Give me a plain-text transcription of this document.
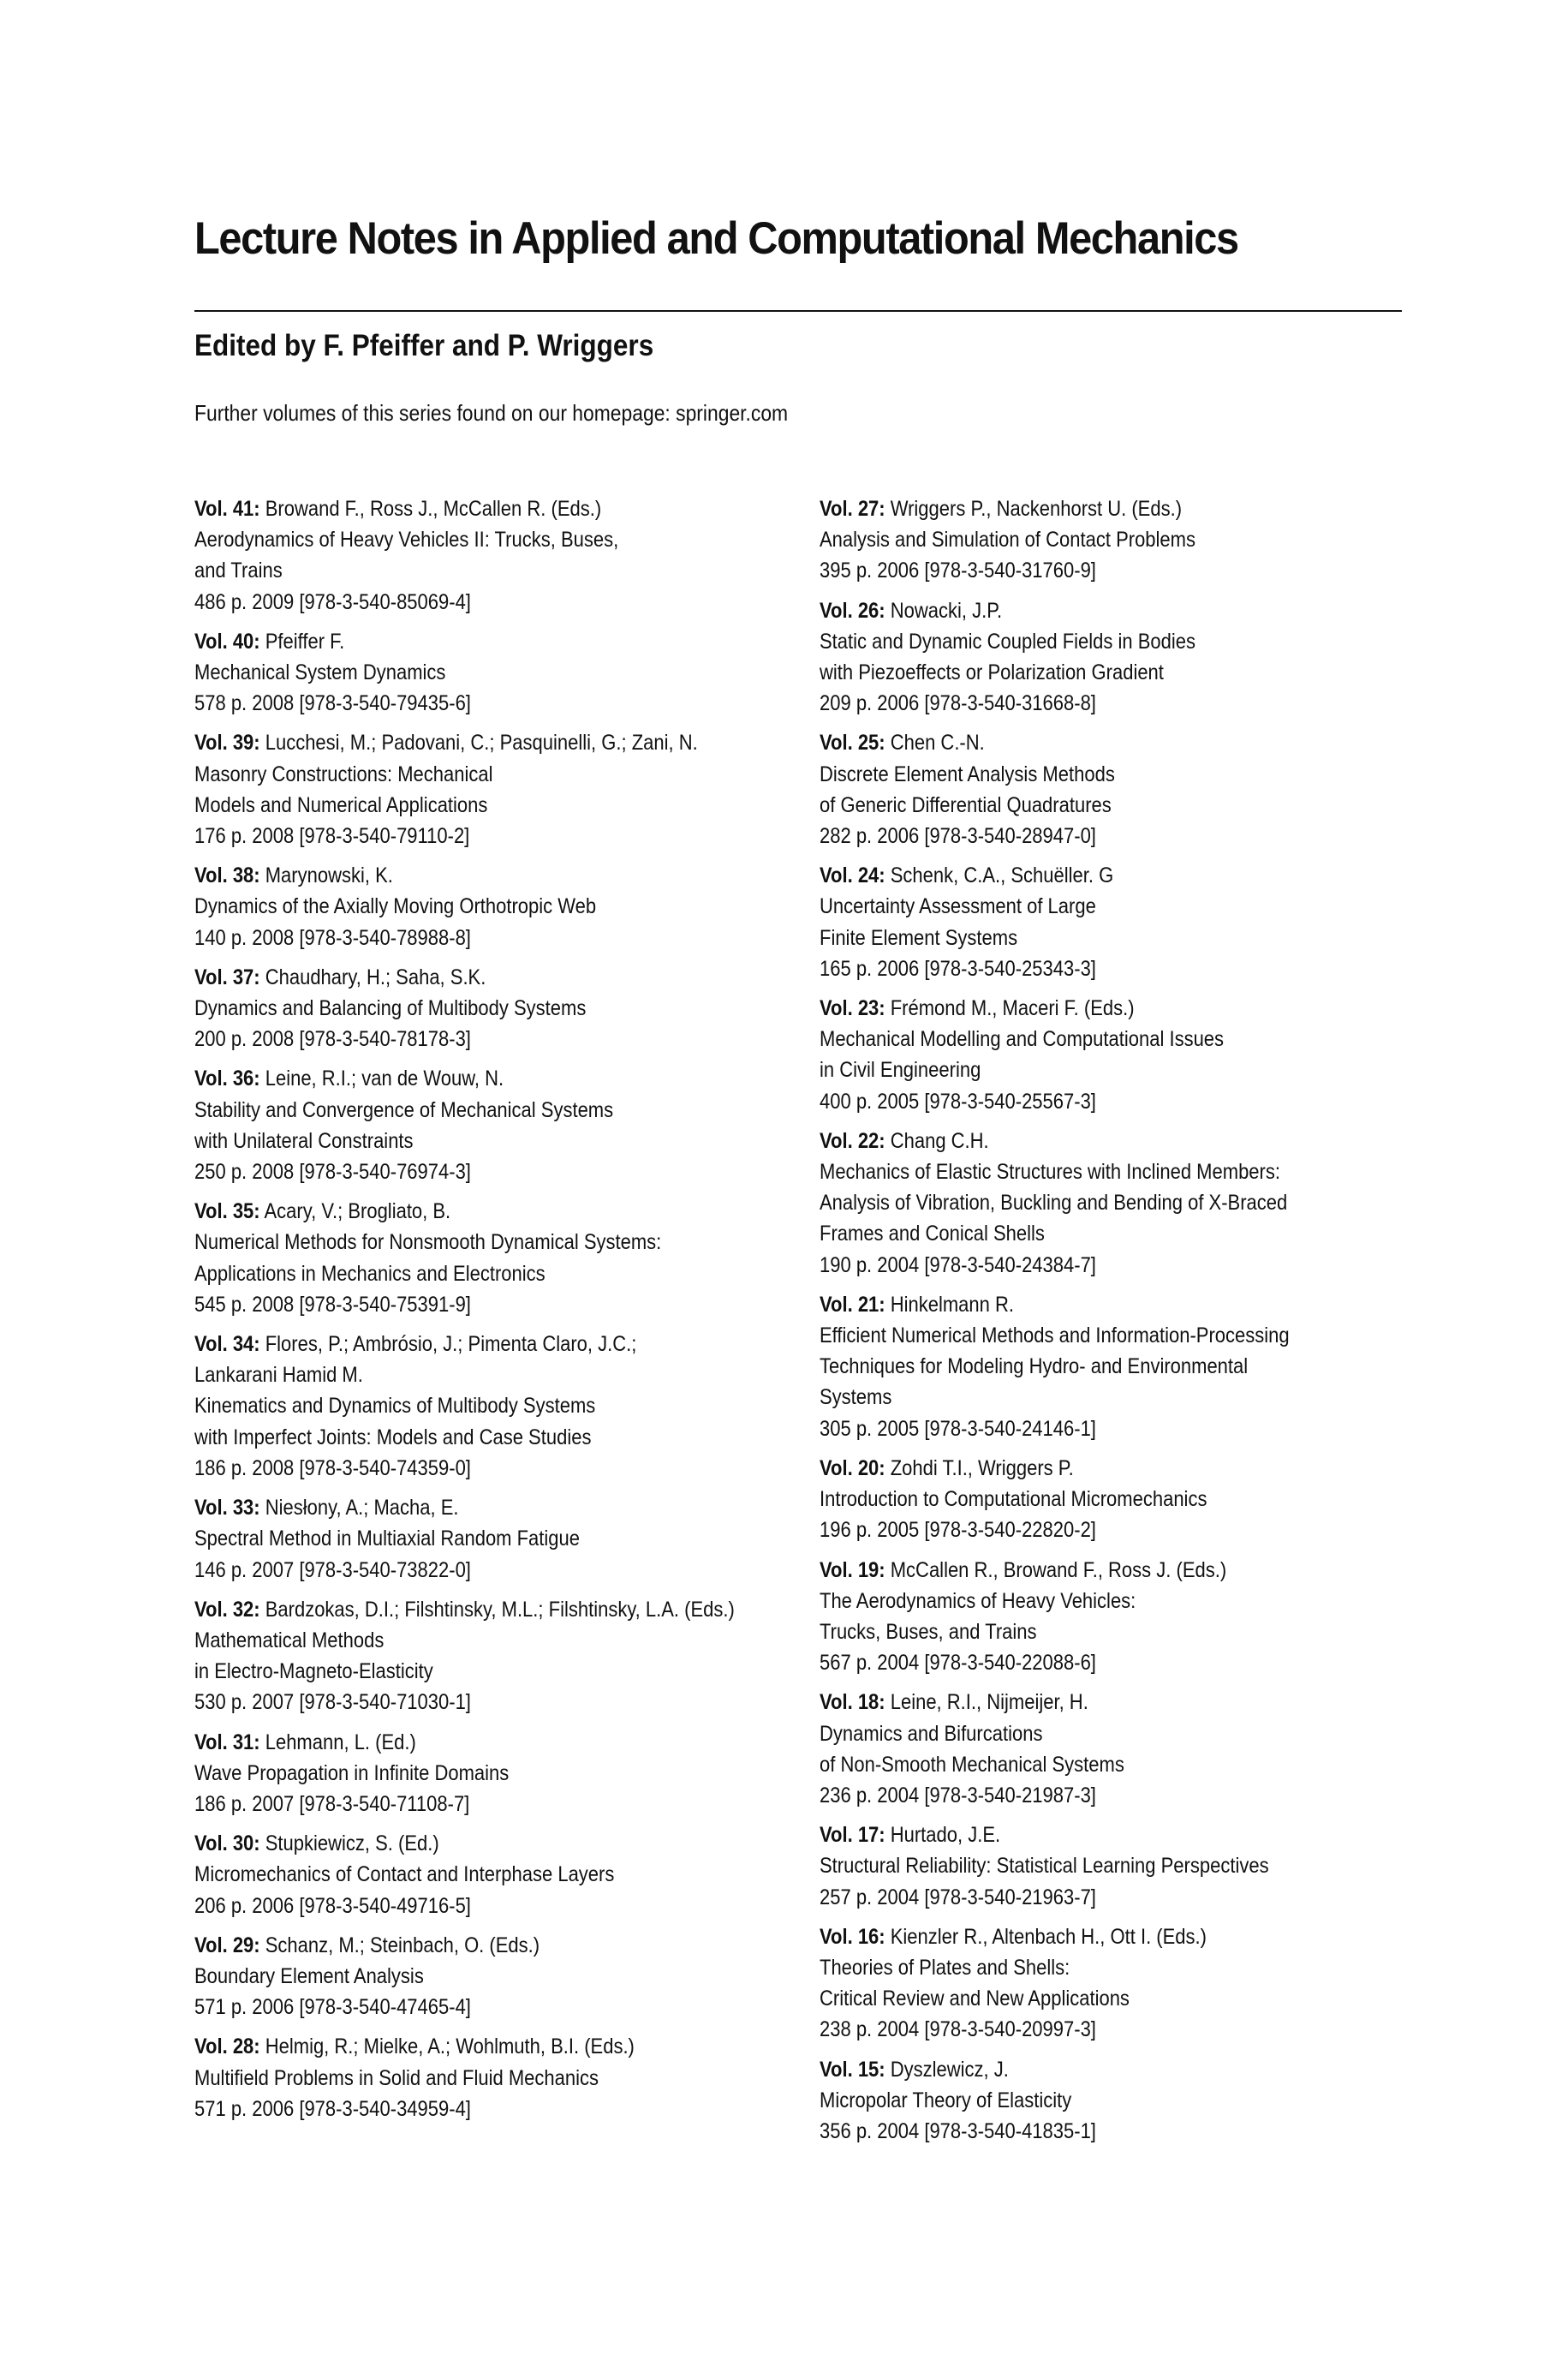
Lecture Notes in Applied and Computational Mechanics
Edited by F. Pfeiffer and P. Wriggers

Further volumes of this series found on our homepage: springer.com

Vol. 41: Browand F., Ross J., McCallen R. (Eds.)
Aerodynamics of Heavy Vehicles II: Trucks, Buses,
and Trains
486 p. 2009 [978-3-540-85069-4]

Vol. 40: Pfeiffer F.
Mechanical System Dynamics
578 p. 2008 [978-3-540-79435-6]

Vol. 39: Lucchesi, M.; Padovani, C.; Pasquinelli, G.; Zani, N.
Masonry Constructions: Mechanical
Models and Numerical Applications
176 p. 2008 [978-3-540-79110-2]

Vol. 38: Marynowski, K.
Dynamics of the Axially Moving Orthotropic Web
140 p. 2008 [978-3-540-78988-8]

Vol. 37: Chaudhary, H.; Saha, S.K.
Dynamics and Balancing of Multibody Systems
200 p. 2008 [978-3-540-78178-3]

Vol. 36: Leine, R.I.; van de Wouw, N.
Stability and Convergence of Mechanical Systems
with Unilateral Constraints
250 p. 2008 [978-3-540-76974-3]

Vol. 35: Acary, V.; Brogliato, B.
Numerical Methods for Nonsmooth Dynamical Systems:
Applications in Mechanics and Electronics
545 p. 2008 [978-3-540-75391-9]

Vol. 34: Flores, P.; Ambrósio, J.; Pimenta Claro, J.C.;
Lankarani Hamid M.
Kinematics and Dynamics of Multibody Systems
with Imperfect Joints: Models and Case Studies
186 p. 2008 [978-3-540-74359-0]

Vol. 33: Niesłony, A.; Macha, E.
Spectral Method in Multiaxial Random Fatigue
146 p. 2007 [978-3-540-73822-0]

Vol. 32: Bardzokas, D.I.; Filshtinsky, M.L.; Filshtinsky, L.A. (Eds.)
Mathematical Methods
in Electro-Magneto-Elasticity
530 p. 2007 [978-3-540-71030-1]

Vol. 31: Lehmann, L. (Ed.)
Wave Propagation in Infinite Domains
186 p. 2007 [978-3-540-71108-7]

Vol. 30: Stupkiewicz, S. (Ed.)
Micromechanics of Contact and Interphase Layers
206 p. 2006 [978-3-540-49716-5]

Vol. 29: Schanz, M.; Steinbach, O. (Eds.)
Boundary Element Analysis
571 p. 2006 [978-3-540-47465-4]

Vol. 28: Helmig, R.; Mielke, A.; Wohlmuth, B.I. (Eds.)
Multifield Problems in Solid and Fluid Mechanics
571 p. 2006 [978-3-540-34959-4]

Vol. 27: Wriggers P., Nackenhorst U. (Eds.)
Analysis and Simulation of Contact Problems
395 p. 2006 [978-3-540-31760-9]

Vol. 26: Nowacki, J.P.
Static and Dynamic Coupled Fields in Bodies
with Piezoeffects or Polarization Gradient
209 p. 2006 [978-3-540-31668-8]

Vol. 25: Chen C.-N.
Discrete Element Analysis Methods
of Generic Differential Quadratures
282 p. 2006 [978-3-540-28947-0]

Vol. 24: Schenk, C.A., Schuëller. G
Uncertainty Assessment of Large
Finite Element Systems
165 p. 2006 [978-3-540-25343-3]

Vol. 23: Frémond M., Maceri F. (Eds.)
Mechanical Modelling and Computational Issues
in Civil Engineering
400 p. 2005 [978-3-540-25567-3]

Vol. 22: Chang C.H.
Mechanics of Elastic Structures with Inclined Members:
Analysis of Vibration, Buckling and Bending of X-Braced
Frames and Conical Shells
190 p. 2004 [978-3-540-24384-7]

Vol. 21: Hinkelmann R.
Efficient Numerical Methods and Information-Processing
Techniques for Modeling Hydro- and Environmental
Systems
305 p. 2005 [978-3-540-24146-1]

Vol. 20: Zohdi T.I., Wriggers P.
Introduction to Computational Micromechanics
196 p. 2005 [978-3-540-22820-2]

Vol. 19: McCallen R., Browand F., Ross J. (Eds.)
The Aerodynamics of Heavy Vehicles:
Trucks, Buses, and Trains
567 p. 2004 [978-3-540-22088-6]

Vol. 18: Leine, R.I., Nijmeijer, H.
Dynamics and Bifurcations
of Non-Smooth Mechanical Systems
236 p. 2004 [978-3-540-21987-3]

Vol. 17: Hurtado, J.E.
Structural Reliability: Statistical Learning Perspectives
257 p. 2004 [978-3-540-21963-7]

Vol. 16: Kienzler R., Altenbach H., Ott I. (Eds.)
Theories of Plates and Shells:
Critical Review and New Applications
238 p. 2004 [978-3-540-20997-3]

Vol. 15: Dyszlewicz, J.
Micropolar Theory of Elasticity
356 p. 2004 [978-3-540-41835-1]
